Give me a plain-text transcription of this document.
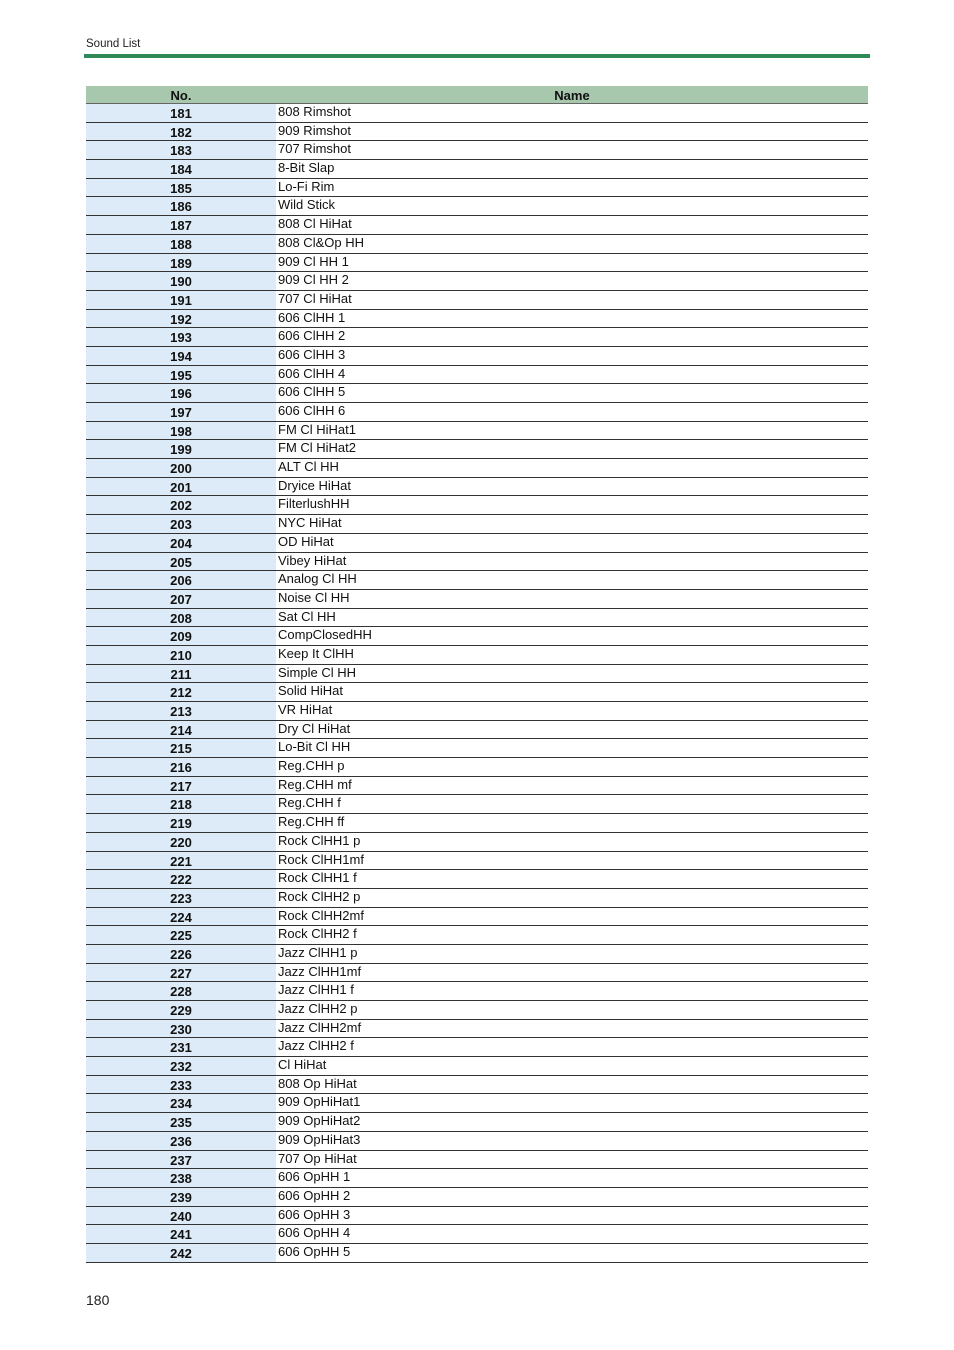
Sound List
No.	Name
181	808 Rimshot
182	909 Rimshot
183	707 Rimshot
184	8-Bit Slap
185	Lo-Fi Rim
186	Wild Stick
187	808 Cl HiHat
188	808 Cl&Op HH
189	909 Cl HH 1
190	909 Cl HH 2
191	707 Cl HiHat
192	606 ClHH 1
193	606 ClHH 2
194	606 ClHH 3
195	606 ClHH 4
196	606 ClHH 5
197	606 ClHH 6
198	FM Cl HiHat1
199	FM Cl HiHat2
200	ALT Cl HH
201	Dryice HiHat
202	FilterlushHH
203	NYC HiHat
204	OD HiHat
205	Vibey HiHat
206	Analog Cl HH
207	Noise Cl HH
208	Sat Cl HH
209	CompClosedHH
210	Keep It ClHH
211	Simple Cl HH
212	Solid HiHat
213	VR HiHat
214	Dry Cl HiHat
215	Lo-Bit Cl HH
216	Reg.CHH p
217	Reg.CHH mf
218	Reg.CHH f
219	Reg.CHH ff
220	Rock ClHH1 p
221	Rock ClHH1mf
222	Rock ClHH1 f
223	Rock ClHH2 p
224	Rock ClHH2mf
225	Rock ClHH2 f
226	Jazz ClHH1 p
227	Jazz ClHH1mf
228	Jazz ClHH1 f
229	Jazz ClHH2 p
230	Jazz ClHH2mf
231	Jazz ClHH2 f
232	Cl HiHat
233	808 Op HiHat
234	909 OpHiHat1
235	909 OpHiHat2
236	909 OpHiHat3
237	707 Op HiHat
238	606 OpHH 1
239	606 OpHH 2
240	606 OpHH 3
241	606 OpHH 4
242	606 OpHH 5
180
